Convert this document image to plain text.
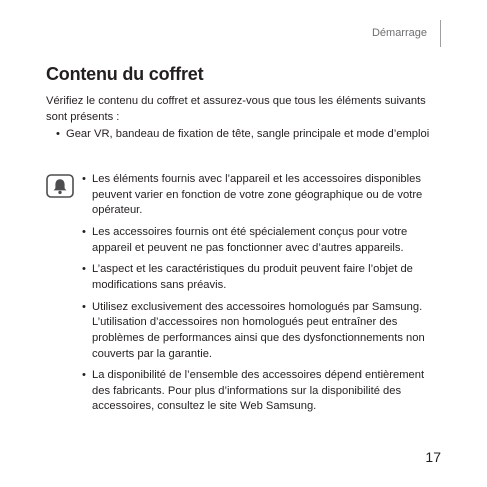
Démarrage
Contenu du coffret

Vérifiez le contenu du coffret et assurez-vous que tous les éléments suivants sont présents :

• Gear VR, bandeau de fixation de tête, sangle principale et mode d’emploi
• Les éléments fournis avec l’appareil et les accessoires disponibles peuvent varier en fonction de votre zone géographique ou de votre opérateur.
• Les accessoires fournis ont été spécialement conçus pour votre appareil et peuvent ne pas fonctionner avec d’autres appareils.
• L’aspect et les caractéristiques du produit peuvent faire l’objet de modifications sans préavis.
• Utilisez exclusivement des accessoires homologués par Samsung. L’utilisation d’accessoires non homologués peut entraîner des problèmes de performances ainsi que des dysfonctionnements non couverts par la garantie.
• La disponibilité de l’ensemble des accessoires dépend entièrement des fabricants. Pour plus d’informations sur la disponibilité des accessoires, consultez le site Web Samsung.
17
